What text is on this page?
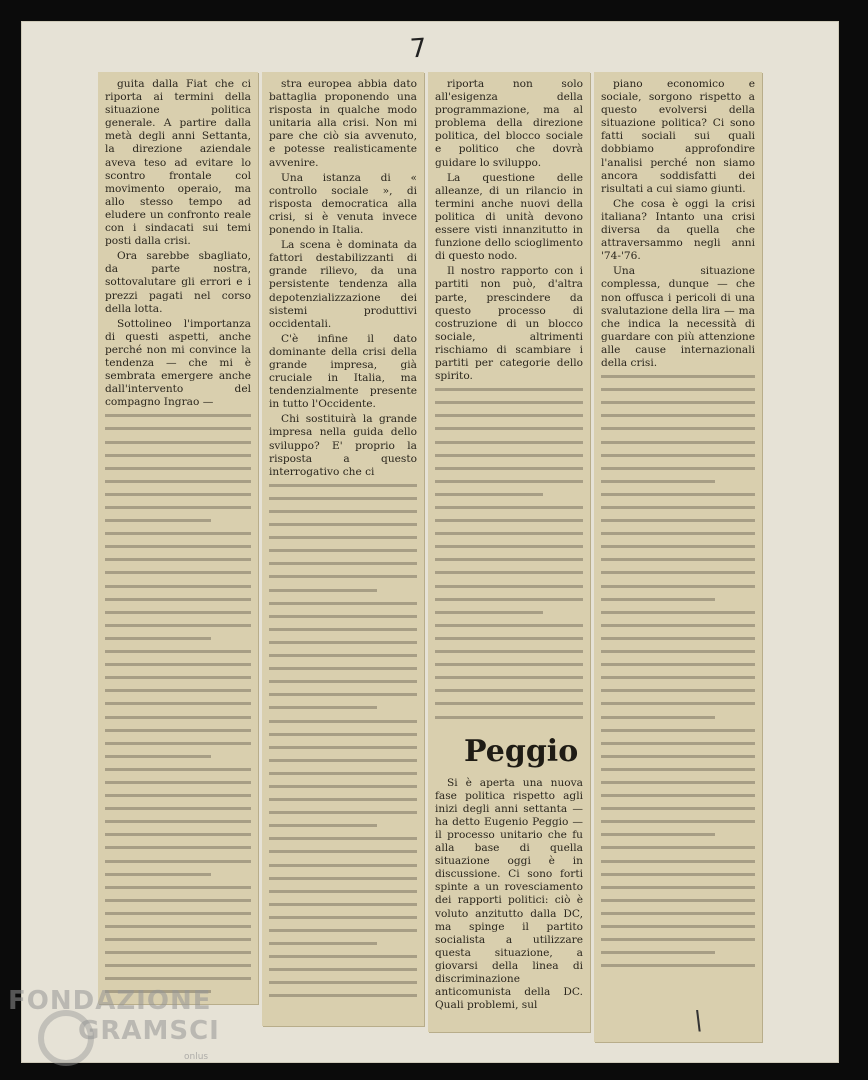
7

guita dalla Fiat che ci riporta ai termini della situazione politica generale. A partire dalla metà degli anni Settanta, la direzione aziendale aveva teso ad evitare lo scontro frontale col movimento operaio, ma allo stesso tempo ad eludere un confronto reale con i sindacati sui temi posti dalla crisi.

Ora sarebbe sbagliato, da parte nostra, sottovalutare gli errori e i prezzi pagati nel corso della lotta.

Sottolineo l'importanza di questi aspetti, anche perché non mi convince la tendenza — che mi è sembrata emergere anche dall'intervento del compagno Ingrao —

stra europea abbia dato battaglia proponendo una risposta in qualche modo unitaria alla crisi. Non mi pare che ciò sia avvenuto, e potesse realisticamente avvenire.

Una istanza di « controllo sociale », di risposta democratica alla crisi, si è venuta invece ponendo in Italia.

La scena è dominata da fattori destabilizzanti di grande rilievo, da una persistente tendenza alla depotenzializzazione dei sistemi produttivi occidentali.

C'è infine il dato dominante della crisi della grande impresa, già cruciale in Italia, ma tendenzialmente presente in tutto l'Occidente.

Chi sostituirà la grande impresa nella guida dello sviluppo? E' proprio la risposta a questo interrogativo che ci

riporta non solo all'esigenza della programmazione, ma al problema della direzione politica, del blocco sociale e politico che dovrà guidare lo sviluppo.

La questione delle alleanze, di un rilancio in termini anche nuovi della politica di unità devono essere visti innanzitutto in funzione dello scioglimento di questo nodo.

Il nostro rapporto con i partiti non può, d'altra parte, prescindere da questo processo di costruzione di un blocco sociale, altrimenti rischiamo di scambiare i partiti per categorie dello spirito.

Peggio

Si è aperta una nuova fase politica rispetto agli inizi degli anni settanta — ha detto Eugenio Peggio — il processo unitario che fu alla base di quella situazione oggi è in discussione. Ci sono forti spinte a un rovesciamento dei rapporti politici: ciò è voluto anzitutto dalla DC, ma spinge il partito socialista a utilizzare questa situazione, a giovarsi della linea di discriminazione anticomunista della DC. Quali problemi, sul

piano economico e sociale, sorgono rispetto a questo evolversi della situazione politica? Ci sono fatti sociali sui quali dobbiamo approfondire l'analisi perché non siamo ancora soddisfatti dei risultati a cui siamo giunti.

Che cosa è oggi la crisi italiana? Intanto una crisi diversa da quella che attraversammo negli anni '74-'76.

Una situazione complessa, dunque — che non offusca i pericoli di una svalutazione della lira — ma che indica la necessità di guardare con più attenzione alle cause internazionali della crisi.

\
FONDAZIONE
GRAMSCI
onlus
